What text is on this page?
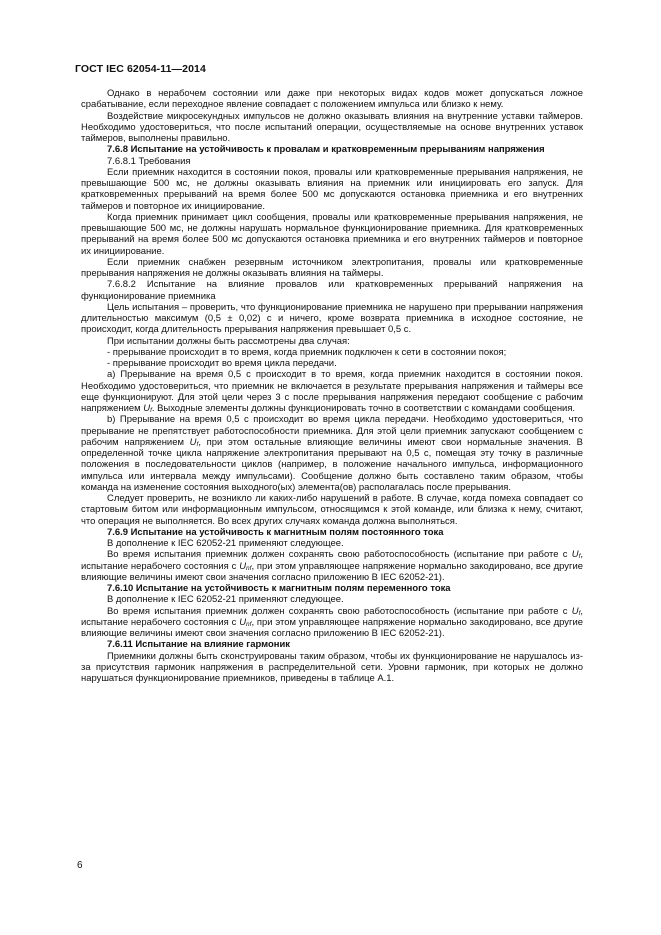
ГОСТ IEC 62054-11—2014

Однако в нерабочем состоянии или даже при некоторых видах кодов может допускаться ложное срабатывание, если переходное явление совпадает с положением импульса или близко к нему.

Воздействие микросекундных импульсов не должно оказывать влияния на внутренние уставки таймеров. Необходимо удостовериться, что после испытаний операции, осуществляемые на основе внутренних уставок таймеров, выполнены правильно.

7.6.8 Испытание на устойчивость к провалам и кратковременным прерываниям напряжения

7.6.8.1 Требования

Если приемник находится в состоянии покоя, провалы или кратковременные прерывания напряжения, не превышающие 500 мс, не должны оказывать влияния на приемник или инициировать его запуск. Для кратковременных прерываний на время более 500 мс допускаются остановка приемника и его внутренних таймеров и повторное их инициирование.

Когда приемник принимает цикл сообщения, провалы или кратковременные прерывания напряжения, не превышающие 500 мс, не должны нарушать нормальное функционирование приемника. Для кратковременных прерываний на время более 500 мс допускаются остановка приемника и его внутренних таймеров и повторное их инициирование.

Если приемник снабжен резервным источником электропитания, провалы или кратковременные прерывания напряжения не должны оказывать влияния на таймеры.

7.6.8.2 Испытание на влияние провалов или кратковременных прерываний напряжения на функционирование приемника

Цель испытания – проверить, что функционирование приемника не нарушено при прерывании напряжения длительностью максимум (0,5 ± 0,02) с и ничего, кроме возврата приемника в исходное состояние, не происходит, когда длительность прерывания напряжения превышает 0,5 с.

При испытании должны быть рассмотрены два случая:

- прерывание происходит в то время, когда приемник подключен к сети в состоянии покоя;

- прерывание происходит во время цикла передачи.

a) Прерывание на время 0,5 с происходит в то время, когда приемник находится в состоянии покоя. Необходимо удостовериться, что приемник не включается в результате прерывания напряжения и таймеры все еще функционируют. Для этой цели через 3 с после прерывания напряжения передают сообщение с рабочим напряжением $U_f$. Выходные элементы должны функционировать точно в соответствии с командами сообщения.

b) Прерывание на время 0,5 с происходит во время цикла передачи. Необходимо удостовериться, что прерывание не препятствует работоспособности приемника. Для этой цели приемник запускают сообщением с рабочим напряжением $U_f$, при этом остальные влияющие величины имеют свои нормальные значения. В определенной точке цикла напряжение электропитания прерывают на 0,5 с, помещая эту точку в различные положения в последовательности циклов (например, в положение начального импульса, информационного импульса или интервала между импульсами). Сообщение должно быть составлено таким образом, чтобы команда на изменение состояния выходного(ых) элемента(ов) располагалась после прерывания.

Следует проверить, не возникло ли каких-либо нарушений в работе. В случае, когда помеха совпадает со стартовым битом или информационным импульсом, относящимся к этой команде, или близка к нему, считают, что операция не выполняется. Во всех других случаях команда должна выполняться.

7.6.9 Испытание на устойчивость к магнитным полям постоянного тока

В дополнение к IEC 62052-21 применяют следующее.

Во время испытания приемник должен сохранять свою работоспособность (испытание при работе с $U_f$, испытание нерабочего состояния с $U_{nf}$, при этом управляющее напряжение нормально закодировано, все другие влияющие величины имеют свои значения согласно приложению B IEC 62052-21).

7.6.10 Испытание на устойчивость к магнитным полям переменного тока

В дополнение к IEC 62052-21 применяют следующее.

Во время испытания приемник должен сохранять свою работоспособность (испытание при работе с $U_f$, испытание нерабочего состояния с $U_{nf}$, при этом управляющее напряжение нормально закодировано, все другие влияющие величины имеют свои значения согласно приложению B IEC 62052-21).

7.6.11 Испытание на влияние гармоник

Приемники должны быть сконструированы таким образом, чтобы их функционирование не нарушалось из-за присутствия гармоник напряжения в распределительной сети. Уровни гармоник, при которых не должно нарушаться функционирование приемников, приведены в таблице А.1.

6
